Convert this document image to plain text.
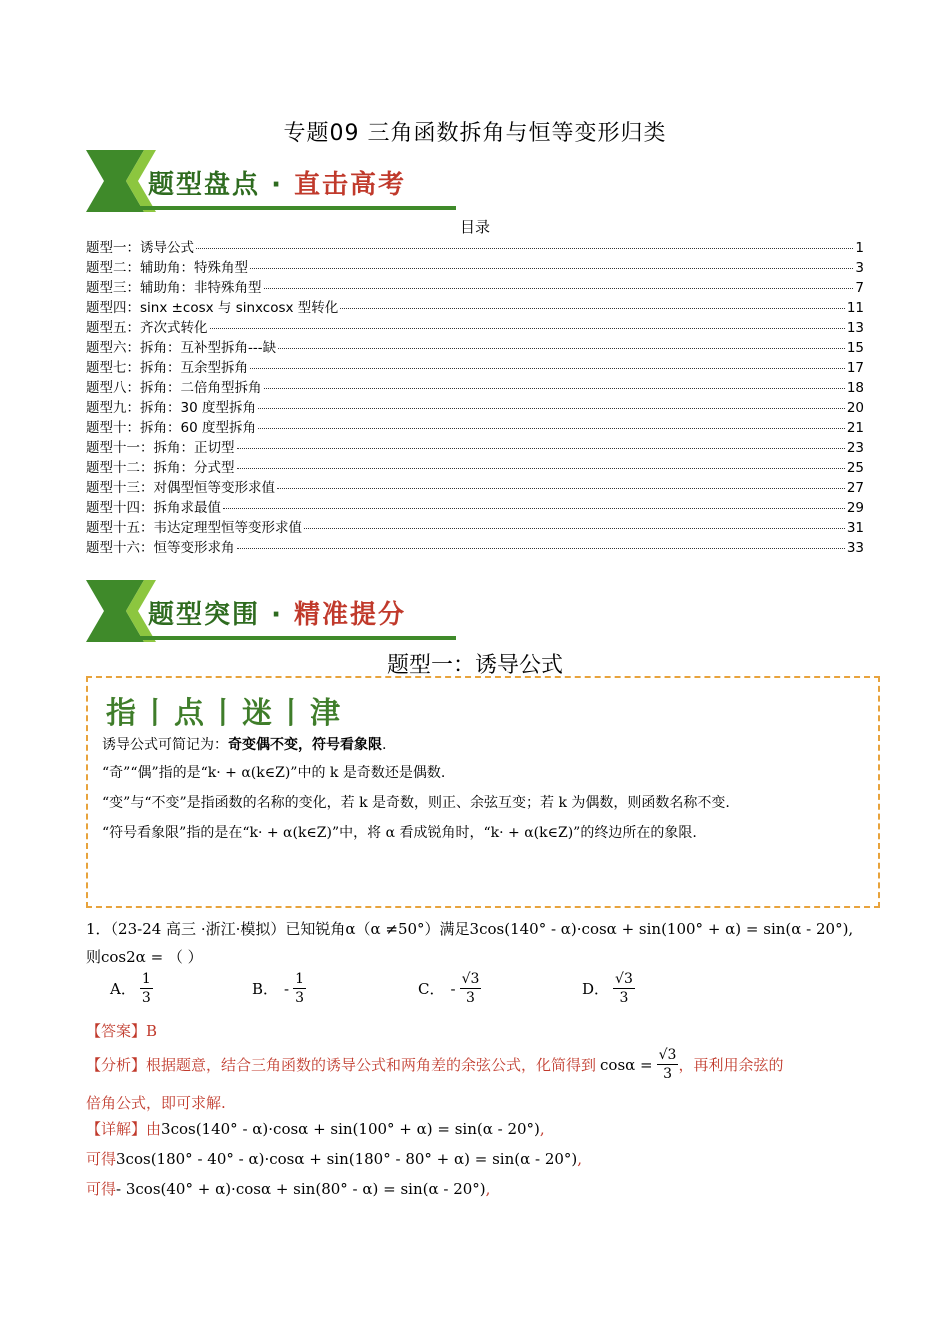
专题09 三角函数拆角与恒等变形归类
题型盘点 · 直击高考
目录
题型一：诱导公式	1
题型二：辅助角：特殊角型	3
题型三：辅助角：非特殊角型	7
题型四：sinx ±cosx 与 sinxcosx 型转化	11
题型五：齐次式转化	13
题型六：拆角：互补型拆角---缺	15
题型七：拆角：互余型拆角	17
题型八：拆角：二倍角型拆角	18
题型九：拆角：30 度型拆角	20
题型十：拆角：60 度型拆角	21
题型十一：拆角：正切型	23
题型十二：拆角：分式型	25
题型十三：对偶型恒等变形求值	27
题型十四：拆角求最值	29
题型十五：韦达定理型恒等变形求值	31
题型十六：恒等变形求角	33
题型突围 · 精准提分
题型一：诱导公式
指丨点丨迷丨津
诱导公式可简记为：奇变偶不变，符号看象限.
“奇”“偶”指的是“k· + α(k∈Z)”中的 k 是奇数还是偶数.
“变”与“不变”是指函数的名称的变化，若 k 是奇数，则正、余弦互变；若 k 为偶数，则函数名称不变.
“符号看象限”指的是在“k· + α(k∈Z)”中，将 α 看成锐角时，“k· + α(k∈Z)”的终边所在的象限.
1．（23-24 高三 ·浙江·模拟）已知锐角α（α ≠50°）满足3cos(140° - α)·cosα + sin(100° + α) = sin(α - 20°),
则cos2α = （ ）
A． $\frac{1}{3}$	B． - $\frac{1}{3}$	C． - $\frac{√3}{3}$	D． $\frac{√3}{3}$
【答案】B
【分析】 根据题意，结合三角函数的诱导公式和两角差的余弦公式，化简得到 $\cos\alpha = \frac{√3}{3}$ ，再利用余弦的
倍角公式，即可求解.
【详解】由3cos(140° - α)·cosα + sin(100° + α) = sin(α - 20°),
可得3cos(180° - 40° - α)·cosα + sin(180° - 80° + α) = sin(α - 20°),
可得- 3cos(40° + α)·cosα + sin(80° - α) = sin(α - 20°),
